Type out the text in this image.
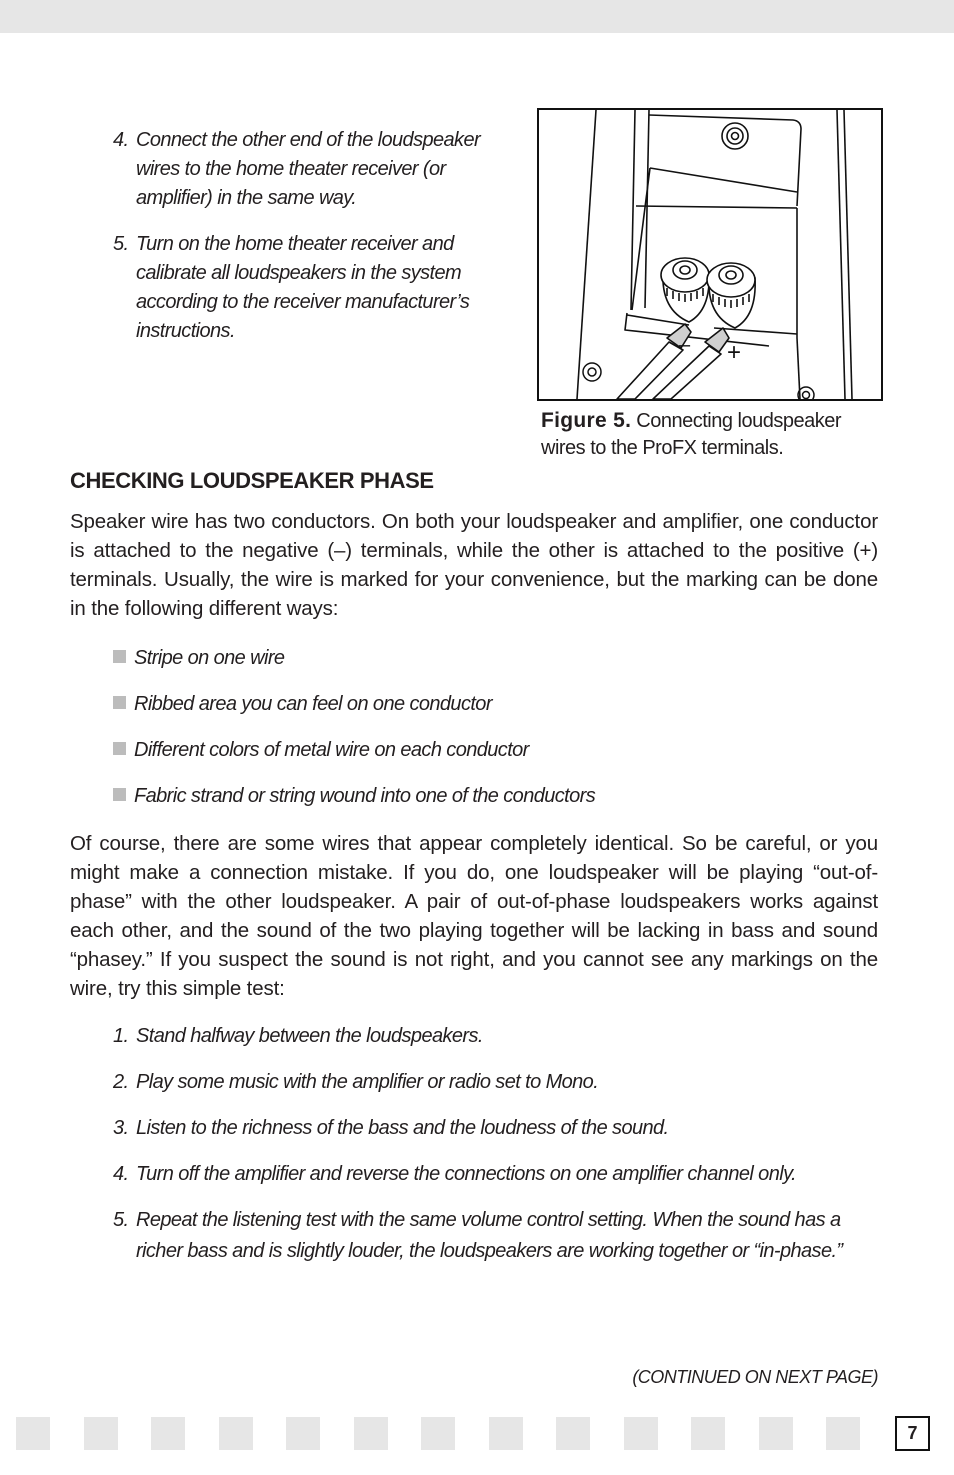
4. Connect the other end of the loudspeaker wires to the home theater receiver (or amplifier) in the same way.
5. Turn on the home theater receiver and calibrate all loudspeakers in the system according to the receiver manufacturer’s instructions.
– +
Figure 5. Connecting loudspeaker wires to the ProFX terminals.
CHECKING LOUDSPEAKER PHASE

Speaker wire has two conductors. On both your loudspeaker and amplifier, one conductor is attached to the negative (–) terminals, while the other is attached to the positive (+) terminals. Usually, the wire is marked for your convenience, but the marking can be done in the following different ways:

Stripe on one wire
Ribbed area you can feel on one conductor
Different colors of metal wire on each conductor
Fabric strand or string wound into one of the conductors

Of course, there are some wires that appear completely identical. So be careful, or you might make a connection mistake. If you do, one loudspeaker will be playing “out-of-phase” with the other loudspeaker. A pair of out-of-phase loudspeakers works against each other, and the sound of the two playing together will be lacking in bass and sound “phasey.” If you suspect the sound is not right, and you cannot see any markings on the wire, try this simple test:

1. Stand halfway between the loudspeakers.
2. Play some music with the amplifier or radio set to Mono.
3. Listen to the richness of the bass and the loudness of the sound.
4. Turn off the amplifier and reverse the connections on one amplifier channel only.
5. Repeat the listening test with the same volume control setting. When the sound has a richer bass and is slightly louder, the loudspeakers are working together or “in-phase.”
(CONTINUED ON NEXT PAGE)
7
